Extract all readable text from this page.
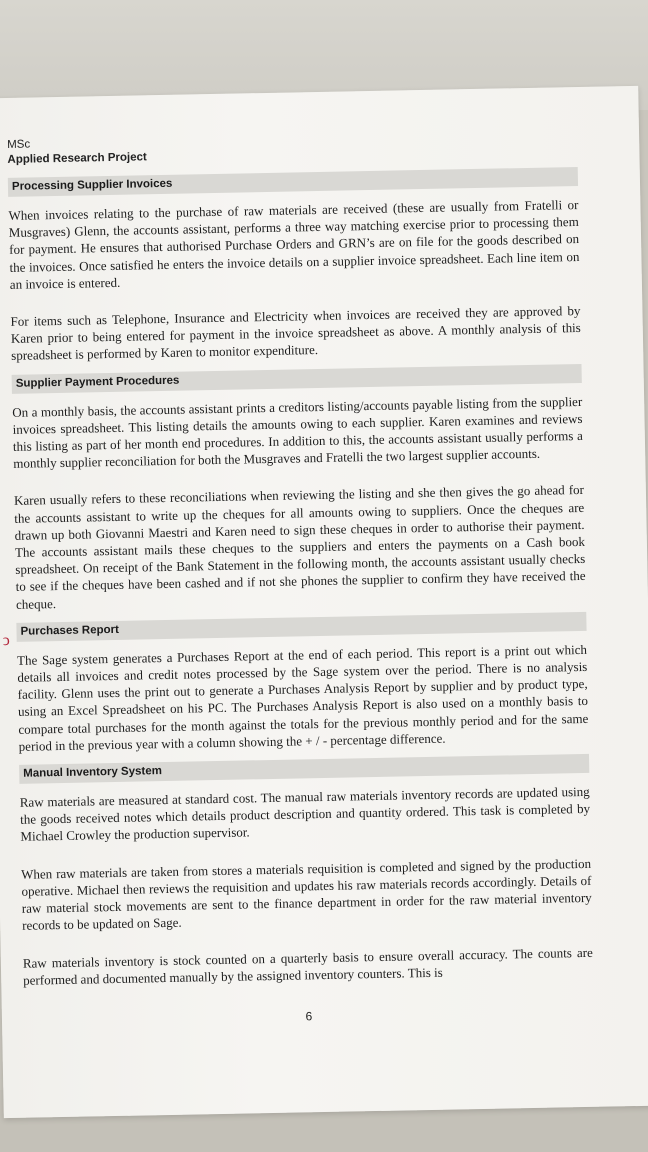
MSc
Applied Research Project
Processing Supplier Invoices

When invoices relating to the purchase of raw materials are received (these are usually from Fratelli or Musgraves) Glenn, the accounts assistant, performs a three way matching exercise prior to processing them for payment. He ensures that authorised Purchase Orders and GRN’s are on file for the goods described on the invoices. Once satisfied he enters the invoice details on a supplier invoice spreadsheet. Each line item on an invoice is entered.

For items such as Telephone, Insurance and Electricity when invoices are received they are approved by Karen prior to being entered for payment in the invoice spreadsheet as above. A monthly analysis of this spreadsheet is performed by Karen to monitor expenditure.

Supplier Payment Procedures

On a monthly basis, the accounts assistant prints a creditors listing/accounts payable listing from the supplier invoices spreadsheet. This listing details the amounts owing to each supplier. Karen examines and reviews this listing as part of her month end procedures. In addition to this, the accounts assistant usually performs a monthly supplier reconciliation for both the Musgraves and Fratelli the two largest supplier accounts.

Karen usually refers to these reconciliations when reviewing the listing and she then gives the go ahead for the accounts assistant to write up the cheques for all amounts owing to suppliers. Once the cheques are drawn up both Giovanni Maestri and Karen need to sign these cheques in order to authorise their payment. The accounts assistant mails these cheques to the suppliers and enters the payments on a Cash book spreadsheet. On receipt of the Bank Statement in the following month, the accounts assistant usually checks to see if the cheques have been cashed and if not she phones the supplier to confirm they have received the cheque.

ↄ
Purchases Report

The Sage system generates a Purchases Report at the end of each period. This report is a print out which details all invoices and credit notes processed by the Sage system over the period. There is no analysis facility. Glenn uses the print out to generate a Purchases Analysis Report by supplier and by product type, using an Excel Spreadsheet on his PC. The Purchases Analysis Report is also used on a monthly basis to compare total purchases for the month against the totals for the previous monthly period and for the same period in the previous year with a column showing the + / - percentage difference.

Manual Inventory System

Raw materials are measured at standard cost. The manual raw materials inventory records are updated using the goods received notes which details product description and quantity ordered. This task is completed by Michael Crowley the production supervisor.

When raw materials are taken from stores a materials requisition is completed and signed by the production operative. Michael then reviews the requisition and updates his raw materials records accordingly. Details of raw material stock movements are sent to the finance department in order for the raw material inventory records to be updated on Sage.

Raw materials inventory is stock counted on a quarterly basis to ensure overall accuracy. The counts are performed and documented manually by the assigned inventory counters. This is

6
